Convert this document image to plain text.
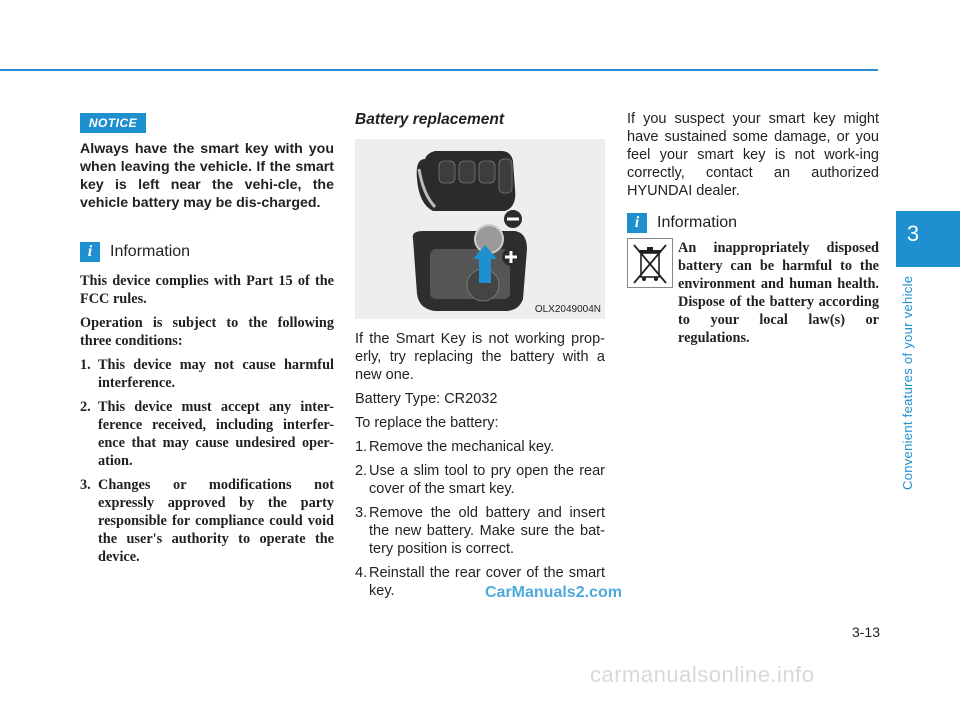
3
Convenient features of your vehicle
NOTICE
Always have the smart key with you when leaving the vehicle. If the smart key is left near the vehi-cle, the vehicle battery may be dis-charged.
i	Information

This device complies with Part 15 of the FCC rules.

Operation is subject to the following three conditions:

1. This device may not cause harmful interference.
2. This device must accept any inter-ference received, including interfer-ence that may cause undesired oper-ation.
3. Changes or modifications not expressly approved by the party responsible for compliance could void the user's authority to operate the device.
Battery replacement
OLX2049004N

If the Smart Key is not working prop-erly, try replacing the battery with a new one.

Battery Type: CR2032

To replace the battery:

1. Remove the mechanical key.
2. Use a slim tool to pry open the rear cover of the smart key.
3. Remove the old battery and insert the new battery. Make sure the bat-tery position is correct.
4. Reinstall the rear cover of the smart key.
If you suspect your smart key might have sustained some damage, or you feel your smart key is not work-ing correctly, contact an authorized HYUNDAI dealer.
i	Information
An inappropriately disposed battery can be harmful to the environment and human health. Dispose of the battery according to your local law(s) or regulations.
3-13
CarManuals2.com
carmanualsonline.info
